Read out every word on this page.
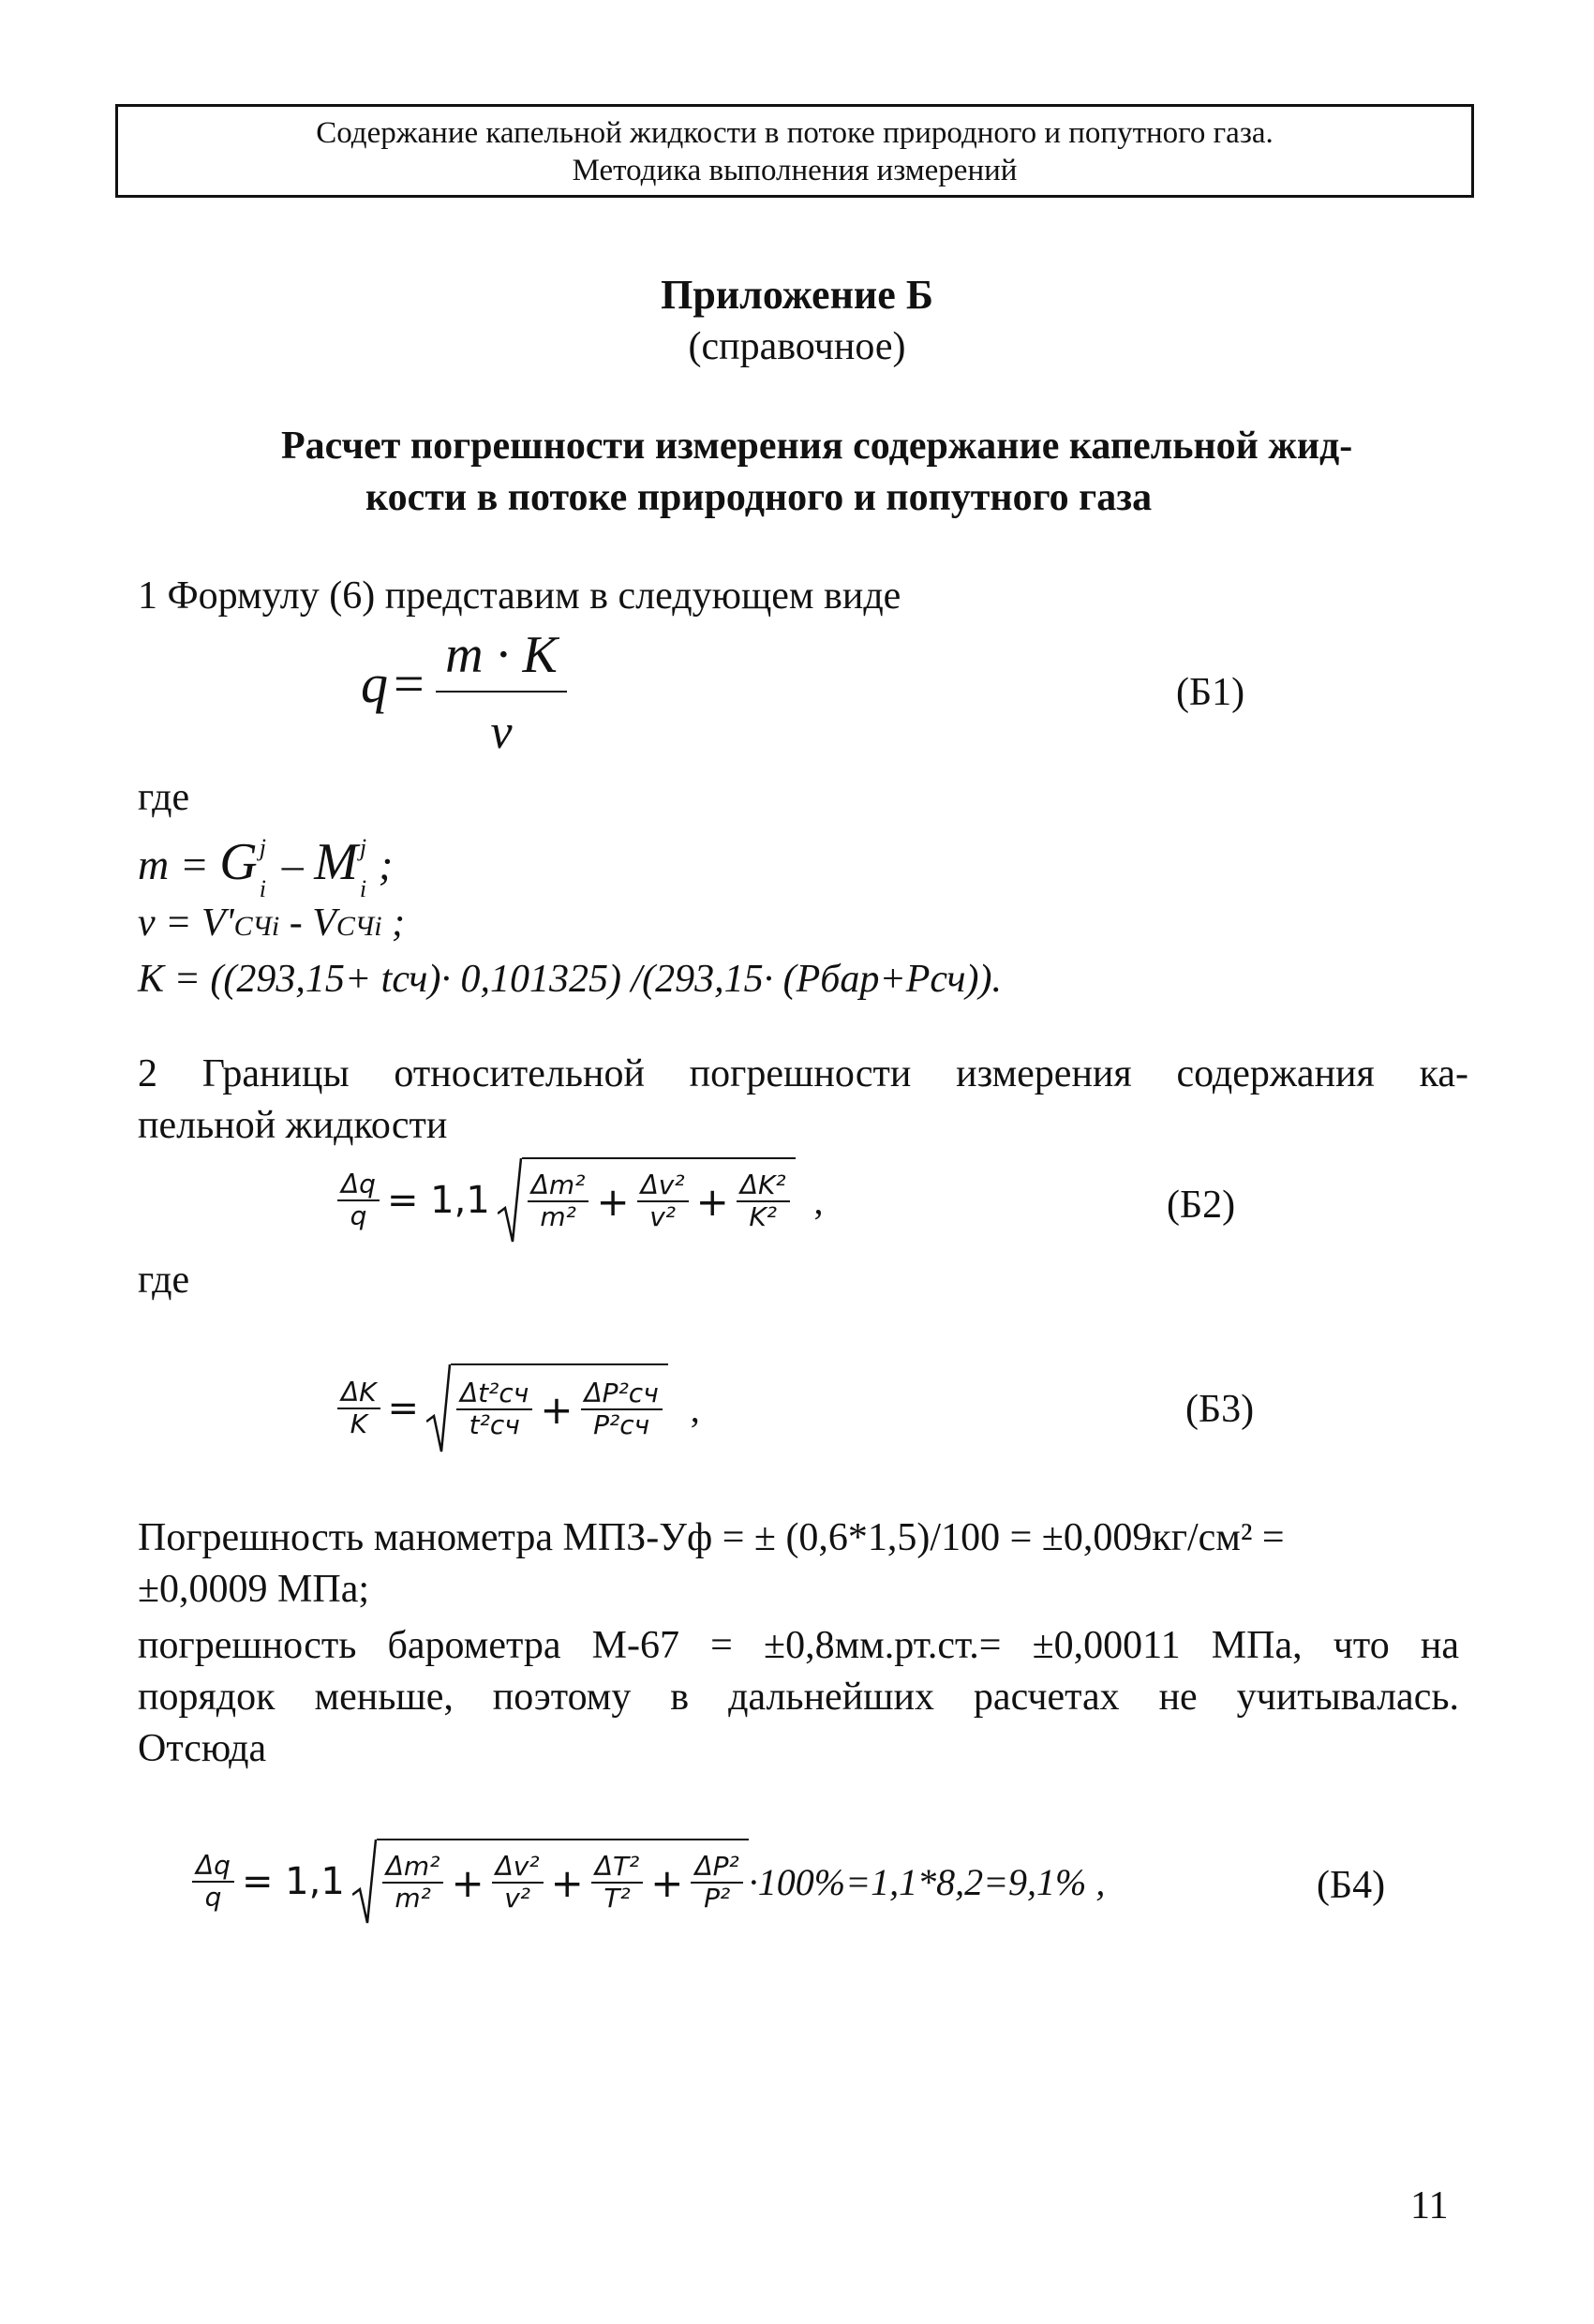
Содержание капельной жидкости в потоке природного и попутного газа.
Методика выполнения измерений
Приложение Б
(справочное)
Расчет погрешности измерения содержание капельной жид-
кости в потоке природного и попутного газа
1 Формулу (6) представим в следующем виде
q = m · K
v
(Б1)
где
m = G j
i
– M j
i
;
v = V'СЧi - VСЧi ;
K = ((293,15+ tсч)· 0,101325) /(293,15· (Pбар+Pсч)).
2 Границы относительной погрешности измерения содержания ка-
пельной жидкости
$\frac{\Delta q}{q} = 1,1 \frac{\text{Δm²}}{\text{m²}} + \frac{\text{Δv²}}{\text{v²}} + \frac{\text{ΔK²}}{\text{K²}}$ ,	(Б2)
где
$\frac{\Delta K}{K} = \frac{\text{Δt²сч}}{\text{t²сч}} + \frac{\text{ΔP²сч}}{\text{P²сч}}$ ,	(Б3)
Погрешность манометра МПЗ-Уф = ± (0,6*1,5)/100 = ±0,009кг/см² =
±0,0009 МПа;
погрешность барометра М-67 = ±0,8мм.рт.ст.= ±0,00011 МПа, что на
порядок меньше, поэтому в дальнейших расчетах не учитывалась.
Отсюда
$\frac{\Delta q}{q} = 1,1 \frac{\text{Δm²}}{\text{m²}} + \frac{\text{Δv²}}{\text{v²}} + \frac{\text{ΔT²}}{\text{T²}} + \frac{\text{ΔP²}}{\text{P²}} \cdot 100\%=1,1*8,2=9,1\%$ ,	(Б4)
11
